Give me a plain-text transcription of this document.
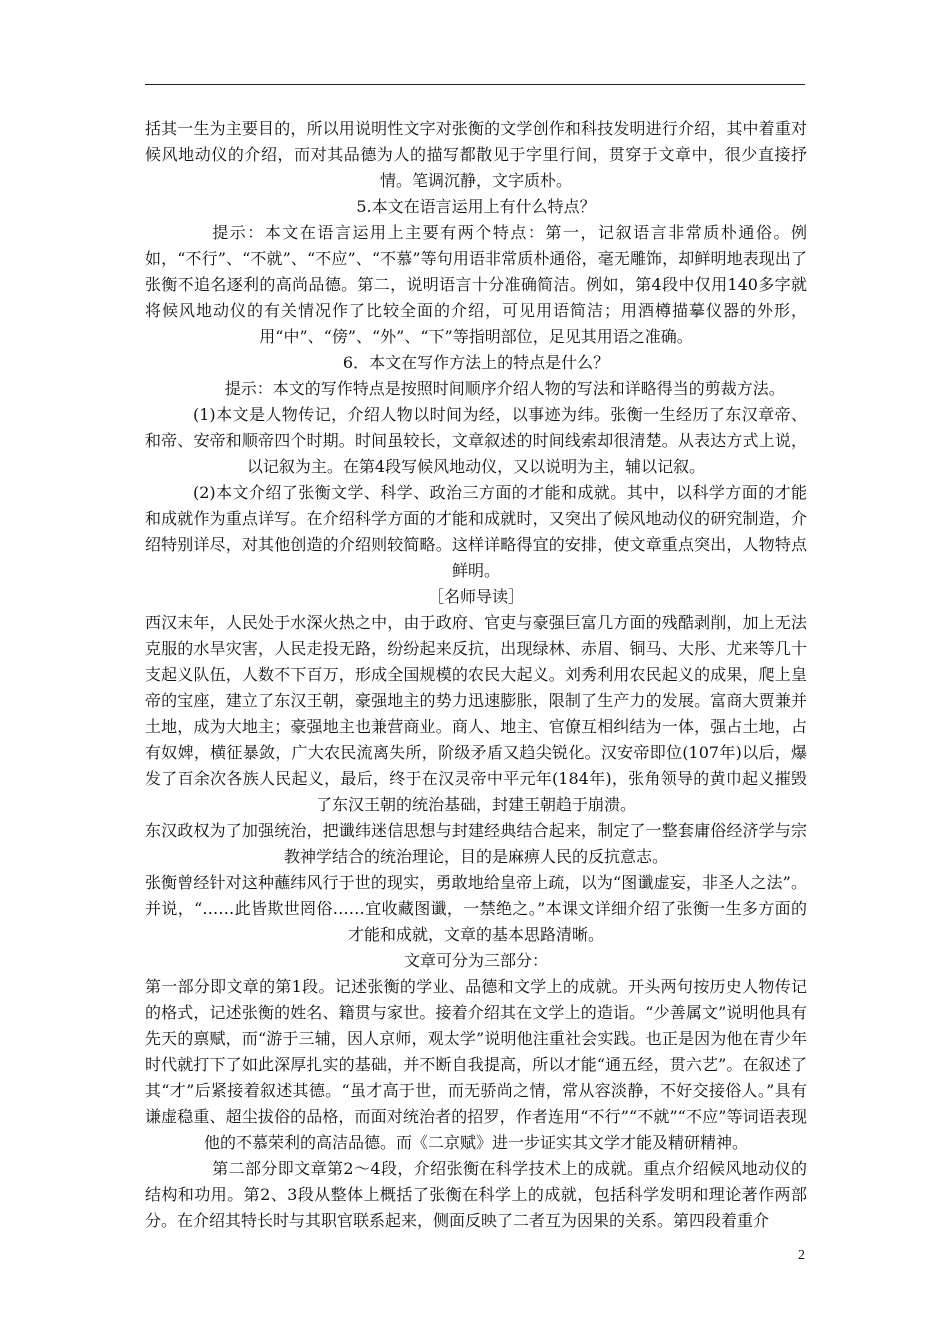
括其一生为主要目的，所以用说明性文字对张衡的文学创作和科技发明进行介绍，其中着重对候风地动仪的介绍，而对其品德为人的描写都散见于字里行间，贯穿于文章中，很少直接抒情。笔调沉静，文字质朴。

5.本文在语言运用上有什么特点？

提示：本文在语言运用上主要有两个特点：第一，记叙语言非常质朴通俗。例如，“不行”、“不就”、“不应”、“不慕”等句用语非常质朴通俗，毫无雕饰，却鲜明地表现出了张衡不追名逐利的高尚品德。第二，说明语言十分准确简洁。例如，第4段中仅用140多字就将候风地动仪的有关情况作了比较全面的介绍，可见用语简洁；用酒樽描摹仪器的外形，用“中”、“傍”、“外”、“下”等指明部位，足见其用语之准确。

6．本文在写作方法上的特点是什么？

提示：本文的写作特点是按照时间顺序介绍人物的写法和详略得当的剪裁方法。

(1)本文是人物传记，介绍人物以时间为经，以事迹为纬。张衡一生经历了东汉章帝、和帝、安帝和顺帝四个时期。时间虽较长，文章叙述的时间线索却很清楚。从表达方式上说，以记叙为主。在第4段写候风地动仪，又以说明为主，辅以记叙。

(2)本文介绍了张衡文学、科学、政治三方面的才能和成就。其中，以科学方面的才能和成就作为重点详写。在介绍科学方面的才能和成就时，又突出了候风地动仪的研究制造，介绍特别详尽，对其他创造的介绍则较简略。这样详略得宜的安排，使文章重点突出，人物特点鲜明。

［名师导读］

西汉末年，人民处于水深火热之中，由于政府、官吏与豪强巨富几方面的残酷剥削，加上无法克服的水旱灾害，人民走投无路，纷纷起来反抗，出现绿林、赤眉、铜马、大彤、尤来等几十支起义队伍，人数不下百万，形成全国规模的农民大起义。刘秀利用农民起义的成果，爬上皇帝的宝座，建立了东汉王朝，豪强地主的势力迅速膨胀，限制了生产力的发展。富商大贾兼并土地，成为大地主；豪强地主也兼营商业。商人、地主、官僚互相纠结为一体，强占土地，占有奴婢，横征暴敛，广大农民流离失所，阶级矛盾又趋尖锐化。汉安帝即位(107年)以后，爆发了百余次各族人民起义，最后，终于在汉灵帝中平元年(184年)，张角领导的黄巾起义摧毁了东汉王朝的统治基础，封建王朝趋于崩溃。

东汉政权为了加强统治，把谶纬迷信思想与封建经典结合起来，制定了一整套庸俗经济学与宗教神学结合的统治理论，目的是麻痹人民的反抗意志。

张衡曾经针对这种蘸纬风行于世的现实，勇敢地给皇帝上疏，以为“图谶虚妄，非圣人之法”。并说，“……此皆欺世罔俗……宜收藏图谶，一禁绝之。”本课文详细介绍了张衡一生多方面的才能和成就，文章的基本思路清晰。

文章可分为三部分：

第一部分即文章的第1段。记述张衡的学业、品德和文学上的成就。开头两句按历史人物传记的格式，记述张衡的姓名、籍贯与家世。接着介绍其在文学上的造诣。“少善属文”说明他具有先天的禀赋，而“游于三辅，因人京师，观太学”说明他注重社会实践。也正是因为他在青少年时代就打下了如此深厚扎实的基础，并不断自我提高，所以才能“通五经，贯六艺”。在叙述了其“才”后紧接着叙述其德。“虽才高于世，而无骄尚之情，常从容淡静，不好交接俗人。”具有谦虚稳重、超尘拔俗的品格，而面对统治者的招罗，作者连用“不行”“不就”“不应”等词语表现他的不慕荣利的高洁品德。而《二京赋》进一步证实其文学才能及精研精神。

第二部分即文章第2～4段，介绍张衡在科学技术上的成就。重点介绍候风地动仪的结构和功用。第2、3段从整体上概括了张衡在科学上的成就，包括科学发明和理论著作两部分。在介绍其特长时与其职官联系起来，侧面反映了二者互为因果的关系。第四段着重介

2
